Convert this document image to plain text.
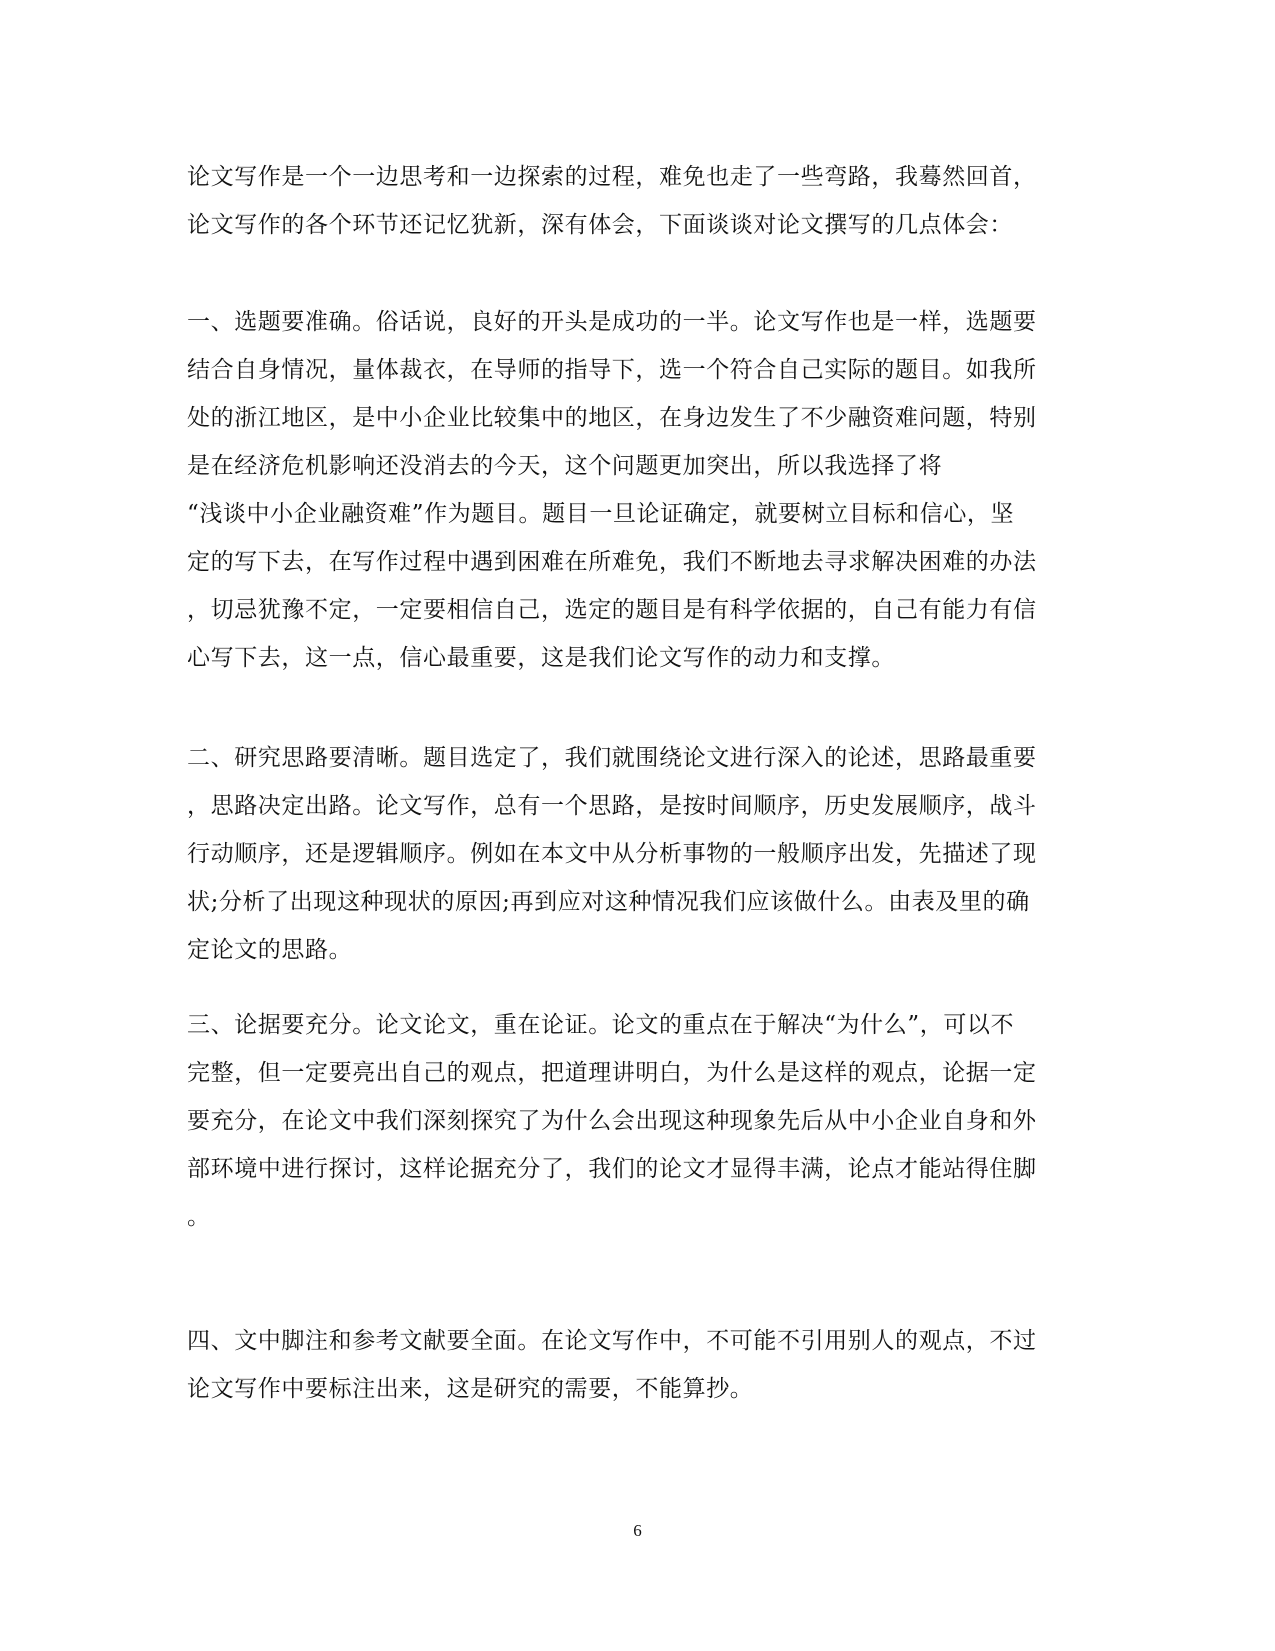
论文写作是一个一边思考和一边探索的过程，难免也走了一些弯路，我蓦然回首，
论文写作的各个环节还记忆犹新，深有体会，下面谈谈对论文撰写的几点体会：
一、选题要准确。俗话说，良好的开头是成功的一半。论文写作也是一样，选题要
结合自身情况，量体裁衣，在导师的指导下，选一个符合自己实际的题目。如我所
处的浙江地区，是中小企业比较集中的地区，在身边发生了不少融资难问题，特别
是在经济危机影响还没消去的今天，这个问题更加突出，所以我选择了将
“浅谈中小企业融资难”作为题目。题目一旦论证确定，就要树立目标和信心，坚
定的写下去，在写作过程中遇到困难在所难免，我们不断地去寻求解决困难的办法
，切忌犹豫不定，一定要相信自己，选定的题目是有科学依据的，自己有能力有信
心写下去，这一点，信心最重要，这是我们论文写作的动力和支撑。
二、研究思路要清晰。题目选定了，我们就围绕论文进行深入的论述，思路最重要
，思路决定出路。论文写作，总有一个思路，是按时间顺序，历史发展顺序，战斗
行动顺序，还是逻辑顺序。例如在本文中从分析事物的一般顺序出发，先描述了现
状;分析了出现这种现状的原因;再到应对这种情况我们应该做什么。由表及里的确
定论文的思路。
三、论据要充分。论文论文，重在论证。论文的重点在于解决“为什么”，可以不
完整，但一定要亮出自己的观点，把道理讲明白，为什么是这样的观点，论据一定
要充分，在论文中我们深刻探究了为什么会出现这种现象先后从中小企业自身和外
部环境中进行探讨，这样论据充分了，我们的论文才显得丰满，论点才能站得住脚
。
四、文中脚注和参考文献要全面。在论文写作中，不可能不引用别人的观点，不过
论文写作中要标注出来，这是研究的需要，不能算抄。
6
